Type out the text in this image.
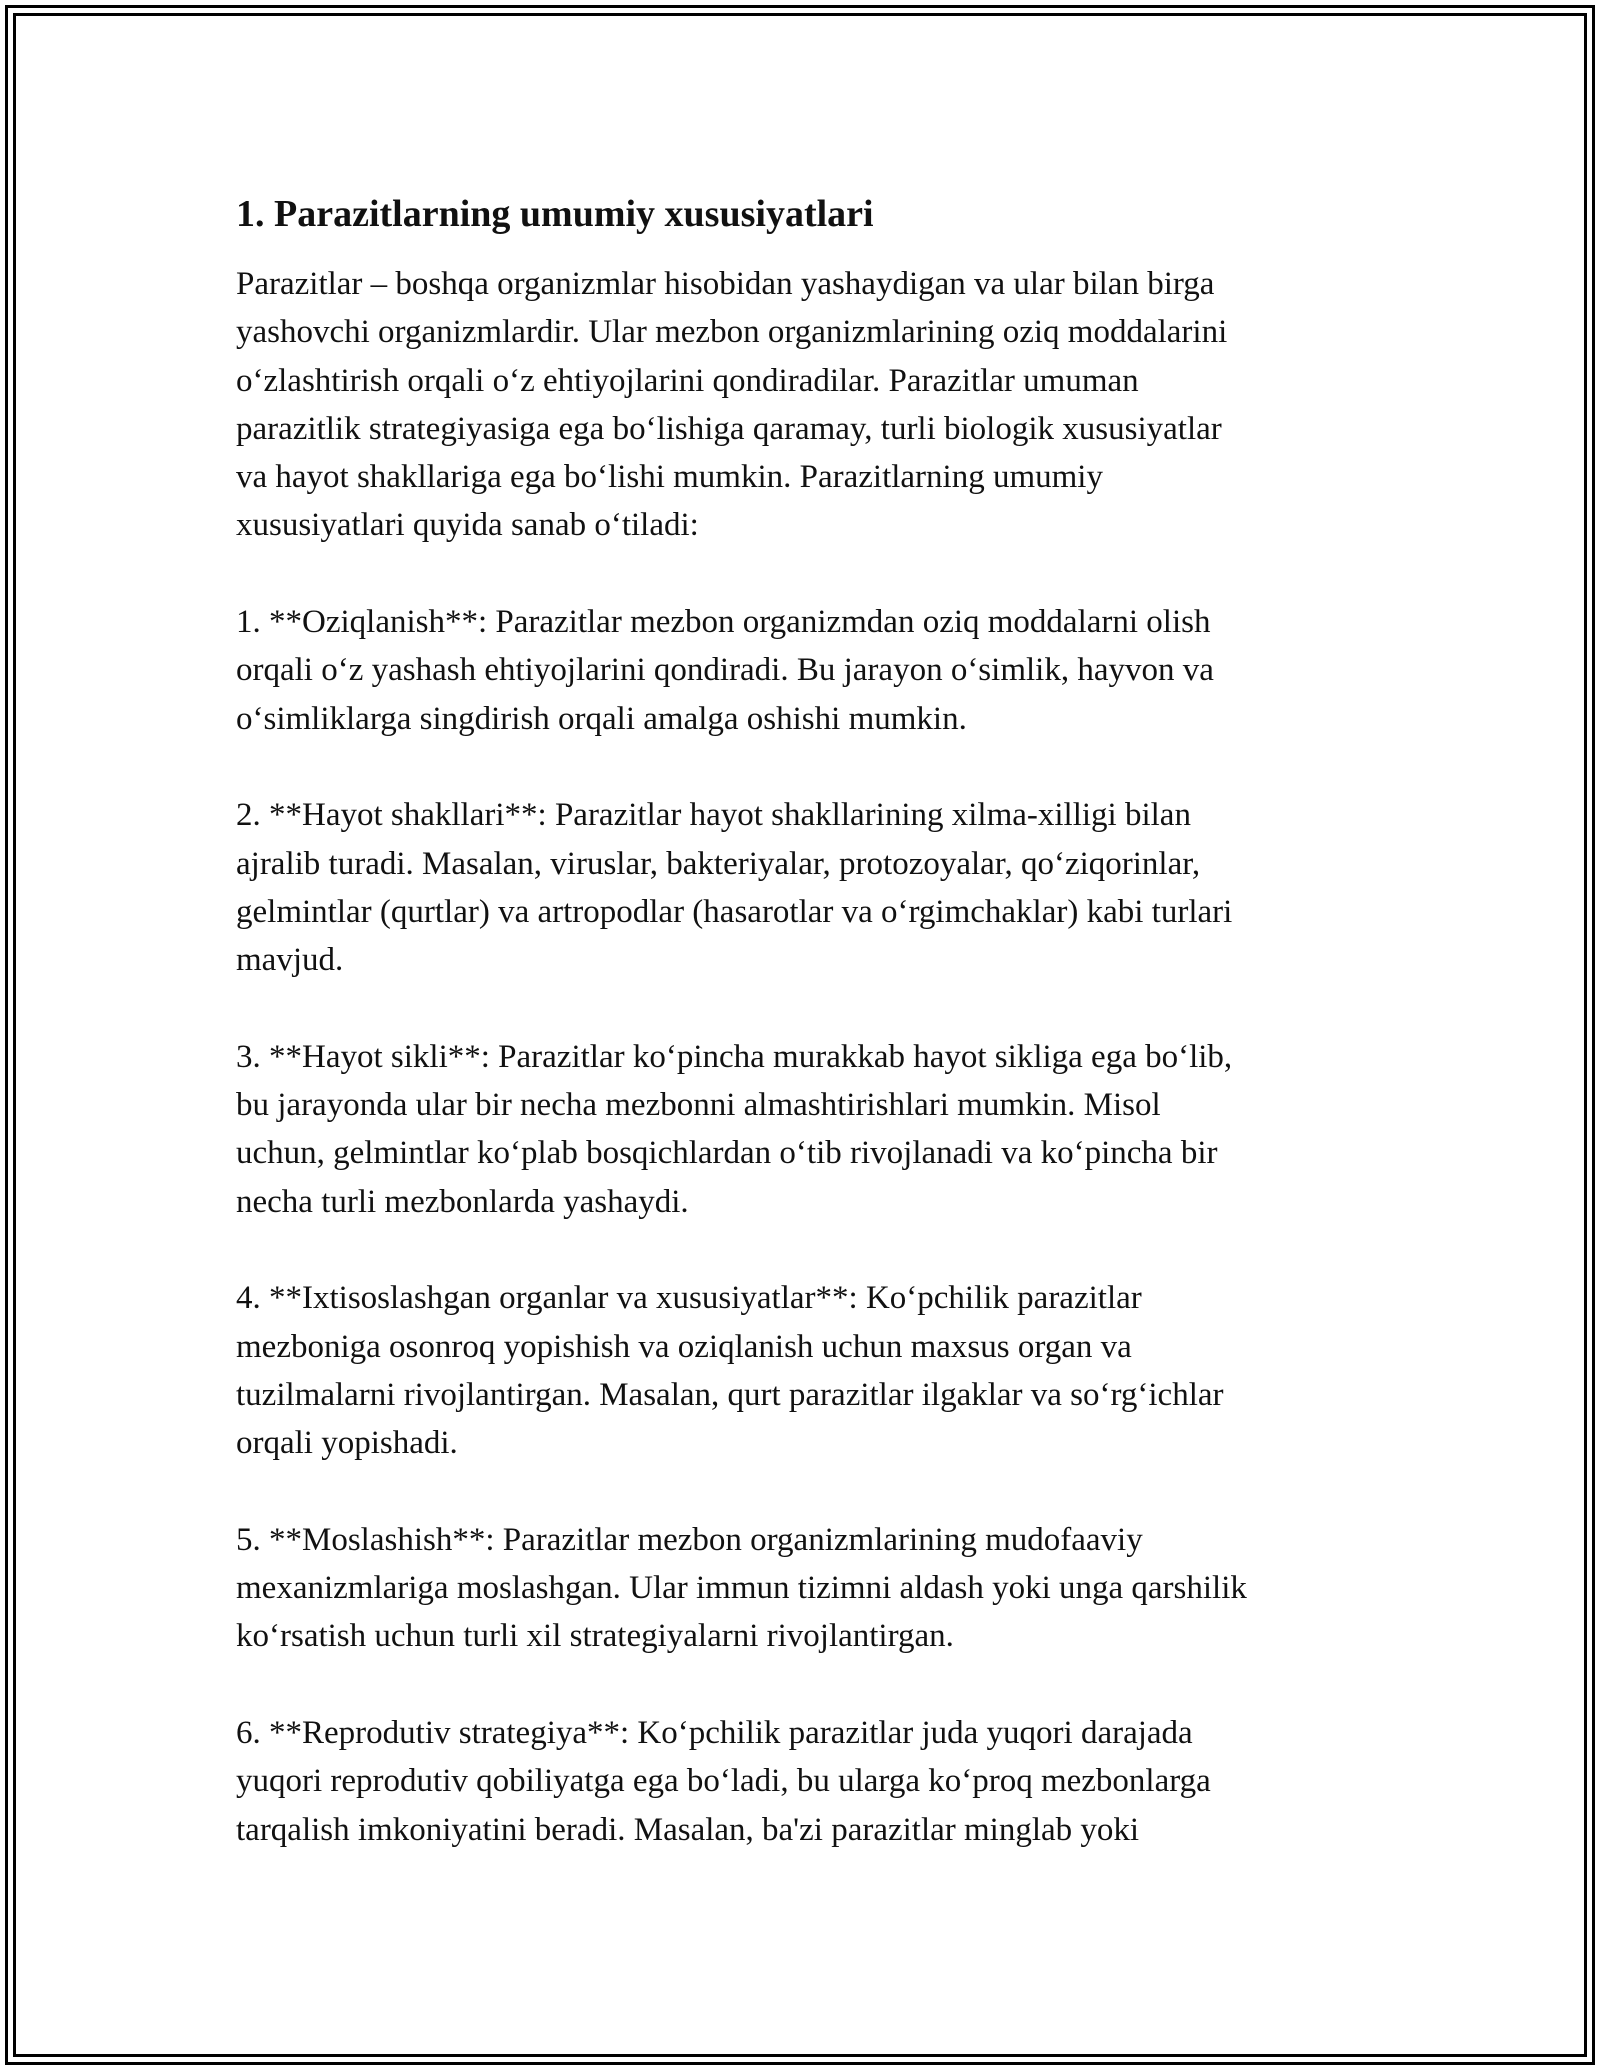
1. Parazitlarning umumiy xususiyatlari
Parazitlar – boshqa organizmlar hisobidan yashaydigan va ular bilan birga
yashovchi organizmlardir. Ular mezbon organizmlarining oziq moddalarini
oʻzlashtirish orqali oʻz ehtiyojlarini qondiradilar. Parazitlar umuman
parazitlik strategiyasiga ega boʻlishiga qaramay, turli biologik xususiyatlar
va hayot shakllariga ega boʻlishi mumkin. Parazitlarning umumiy
xususiyatlari quyida sanab oʻtiladi:
1. **Oziqlanish**: Parazitlar mezbon organizmdan oziq moddalarni olish
orqali oʻz yashash ehtiyojlarini qondiradi. Bu jarayon oʻsimlik, hayvon va
oʻsimliklarga singdirish orqali amalga oshishi mumkin.
2. **Hayot shakllari**: Parazitlar hayot shakllarining xilma-xilligi bilan
ajralib turadi. Masalan, viruslar, bakteriyalar, protozoyalar, qoʻziqorinlar,
gelmintlar (qurtlar) va artropodlar (hasarotlar va oʻrgimchaklar) kabi turlari
mavjud.
3. **Hayot sikli**: Parazitlar koʻpincha murakkab hayot sikliga ega boʻlib,
bu jarayonda ular bir necha mezbonni almashtirishlari mumkin. Misol
uchun, gelmintlar koʻplab bosqichlardan oʻtib rivojlanadi va koʻpincha bir
necha turli mezbonlarda yashaydi.
4. **Ixtisoslashgan organlar va xususiyatlar**: Koʻpchilik parazitlar
mezboniga osonroq yopishish va oziqlanish uchun maxsus organ va
tuzilmalarni rivojlantirgan. Masalan, qurt parazitlar ilgaklar va soʻrgʻichlar
orqali yopishadi.
5. **Moslashish**: Parazitlar mezbon organizmlarining mudofaaviy
mexanizmlariga moslashgan. Ular immun tizimni aldash yoki unga qarshilik
koʻrsatish uchun turli xil strategiyalarni rivojlantirgan.
6. **Reprodutiv strategiya**: Koʻpchilik parazitlar juda yuqori darajada
yuqori reprodutiv qobiliyatga ega boʻladi, bu ularga koʻproq mezbonlarga
tarqalish imkoniyatini beradi. Masalan, ba'zi parazitlar minglab yoki
